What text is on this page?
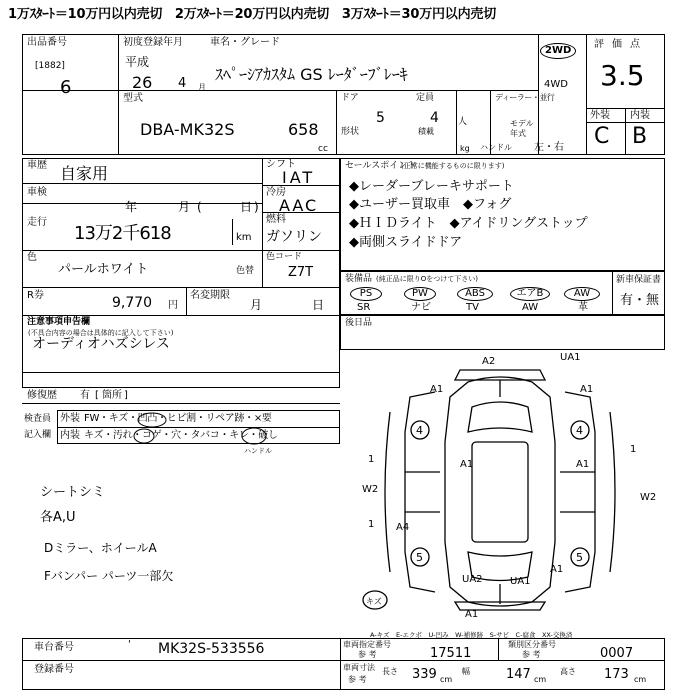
1万ｽﾀｰﾄ＝10万円以内売切　2万ｽﾀｰﾄ＝20万円以内売切　3万ｽﾀｰﾄ＝30万円以内売切
出品番号
[1882]
6
初度登録年月
平成
26 4 月
車名・グレード
ｽﾍﾟｰｼｱｶｽﾀﾑ GS ﾚｰﾀﾞｰﾌﾞﾚｰｷ
2WD
4WD
評価点
3.5
外装 内装
C B
型式
DBA-MK32S	658
cc
ドア
5
定員
4 人
形状	積載
kg
ディーラー・並行
モデル
年式
ハンドル 左・右
車歴 自家用
車検
年	月 (	日 )
走行
13万2千618	km
シフト
IAT
冷房
AAC
燃料
ガソリン
色
パールホワイト	色替
色コード
Z7T
R券	9,770 円
名変期限
月	日
注意事項申告欄
(不具合内容の場合は具体的に記入して下さい)
オーディオハズシレス
修復歴 有 [ 箇所 ]
セールスポイント
(正常に機能するものに限ります)
◆レーダーブレーキサポート
◆ユーザー買取車　◆フォグ
◆ＨＩＤライト　◆アイドリングストップ
◆両側スライドドア
装備品 (純正品に限りOをつけて下さい)	新車保証書
有・無
PS
SR
PW
ナビ
ABS
TV
エアB
AW
AW
革
後日品
検査員
記入欄
外装 FW・キズ・凹凸・ヒビ割・リペア跡・×要
内装 キズ・汚れ・コゲ・穴・タバコ・キレ・破し
ハンドル
シートシミ
各A,U
Dミラー、ホイールA
Fバンパー パーツ一部欠
A2	UA1
A1
W2
A1
W2
1
1
1
A4
UA2	UA1
A1
A1
A1
A1
キズ
4	4
5	5
A-キズ　E-エクボ　U-凹み　W-補修跡　S-サビ　C-腐食　XX-交換済
車台番号	' MK32S-533556
登録番号
車両指定番号
参 考	17511
類別区分番号
参 考	0007
車両寸法
参 考
長さ 339 cm
幅	147 cm
高さ 173 cm
